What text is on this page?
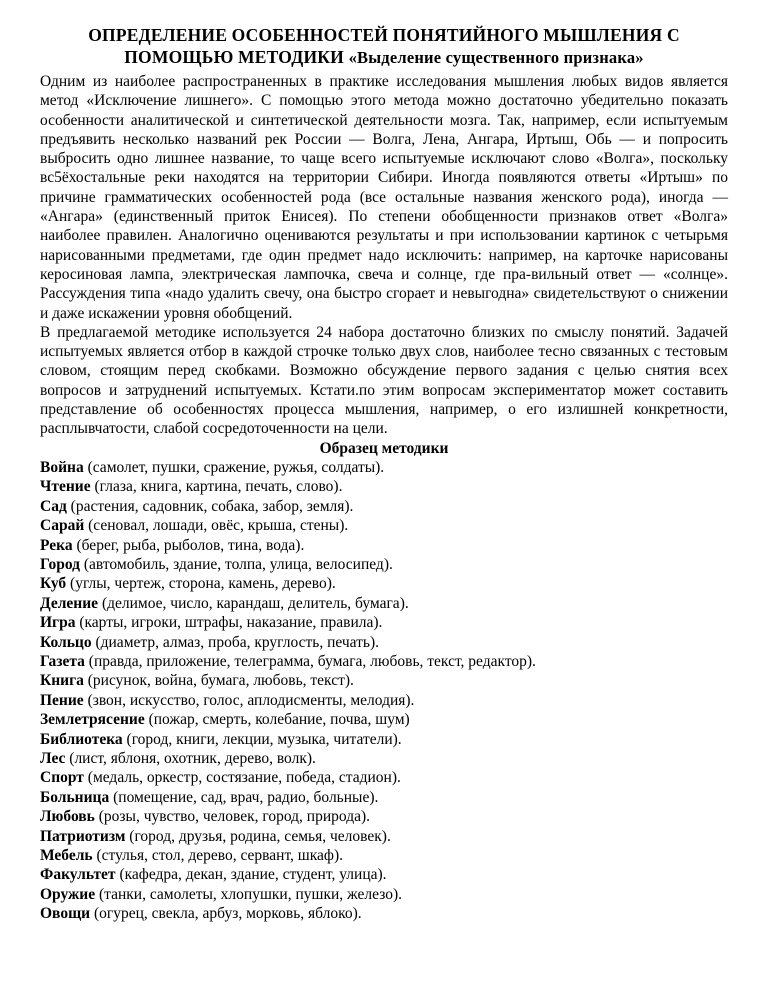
ОПРЕДЕЛЕНИЕ ОСОБЕННОСТЕЙ ПОНЯТИЙНОГО МЫШЛЕНИЯ С ПОМОЩЬЮ МЕТОДИКИ «Выделение существенного признака»

Одним из наиболее распространенных в практике исследования мышления любых видов является метод «Исключение лишнего». С помощью этого метода можно достаточно убедительно показать особенности аналитической и синтетической деятельности мозга. Так, например, если испытуемым предъявить несколько названий рек России — Волга, Лена, Ангара, Иртыш, Обь — и попросить выбросить одно лишнее название, то чаще всего испытуемые исключают слово «Волга», поскольку вс5ёхостальные реки находятся на территории Сибири. Иногда появляются ответы «Иртыш» по причине грамматических особенностей рода (все остальные названия женского рода), иногда — «Ангара» (единственный приток Енисея). По степени обобщенности признаков ответ «Волга» наиболее правилен. Аналогично оцениваются результаты и при использовании картинок с четырьмя нарисованными предметами, где один предмет надо исключить: например, на карточке нарисованы керосиновая лампа, электрическая лампочка, свеча и солнце, где пра-вильный ответ — «солнце». Рассуждения типа «надо удалить свечу, она быстро сгорает и невыгодна» свидетельствуют о снижении и даже искажении уровня обобщений.

В предлагаемой методике используется 24 набора достаточно близких по смыслу понятий. Задачей испытуемых является отбор в каждой строчке только двух слов, наиболее тесно связанных с тестовым словом, стоящим перед скобками. Возможно обсуждение первого задания с целью снятия всех вопросов и затруднений испытуемых. Кстати.по этим вопросам экспериментатор может составить представление об особенностях процесса мышления, например, о его излишней конкретности, расплывчатости, слабой сосредоточенности на цели.

Образец методики

Война (самолет, пушки, сражение, ружья, солдаты).

Чтение (глаза, книга, картина, печать, слово).

Сад (растения, садовник, собака, забор, земля).

Сарай (сеновал, лошади, овёс, крыша, стены).

Река (берег, рыба, рыболов, тина, вода).

Город (автомобиль, здание, толпа, улица, велосипед).

Куб (углы, чертеж, сторона, камень, дерево).

Деление (делимое, число, карандаш, делитель, бумага).

Игра (карты, игроки, штрафы, наказание, правила).

Кольцо (диаметр, алмаз, проба, круглость, печать).

Газета (правда, приложение, телеграмма, бумага, любовь, текст, редактор).

Книга (рисунок, война, бумага, любовь, текст).

Пение (звон, искусство, голос, аплодисменты, мелодия).

Землетрясение (пожар, смерть, колебание, почва, шум)

Библиотека (город, книги, лекции, музыка, читатели).

Лес (лист, яблоня, охотник, дерево, волк).

Спорт (медаль, оркестр, состязание, победа, стадион).

Больница (помещение, сад, врач, радио, больные).

Любовь (розы, чувство, человек, город, природа).

Патриотизм (город, друзья, родина, семья, человек).

Мебель (стулья, стол, дерево, сервант, шкаф).

Факультет (кафедра, декан, здание, студент, улица).

Оружие (танки, самолеты, хлопушки, пушки, железо).

Овощи (огурец, свекла, арбуз, морковь, яблоко).
